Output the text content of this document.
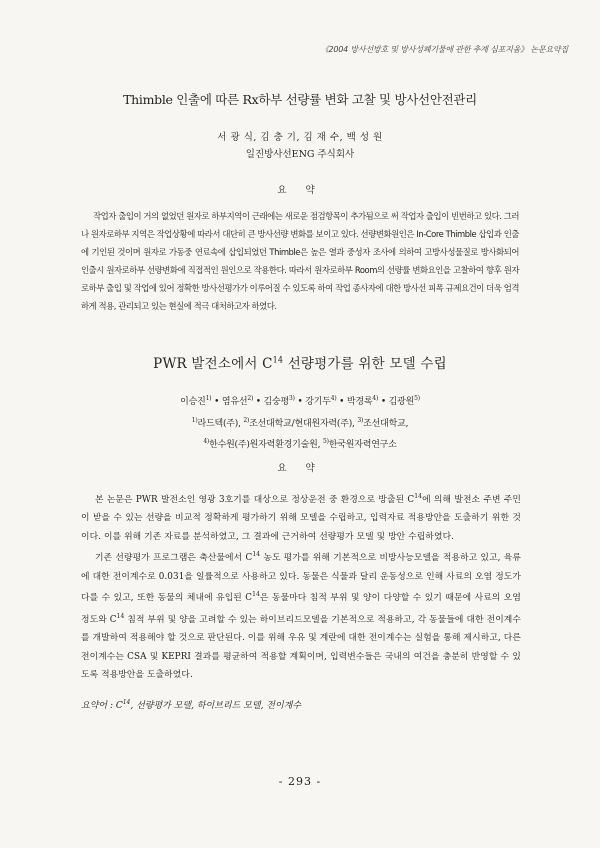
《2004 방사선방호 및 방사성폐기물에 관한 추계 심포지움》 논문요약집
Thimble 인출에 따른 Rx하부 선량률 변화 고찰 및 방사선안전관리
서 광 식, 김 충 기, 김 재 수, 백 성 원
일진방사선ENG 주식회사
요 약

작업자 출입이 거의 없었던 원자로 하부지역이 근래에는 새로운 점검항목이 추가됨으로 써 작업자 출입이 빈번하고 있다. 그러나 원자로하부 지역은 작업상황에 따라서 대단히 큰 방사선량 변화를 보이고 있다. 선량변화원인은 In-Core Thimble 삽입과 인출에 기인된 것이며 원자로 가동중 연료속에 삽입되었던 Thimble은 높은 열과 중성자 조사에 의하여 고방사성물질로 방사화되어 인출시 원자로하부 선량변화에 직접적인 원인으로 작용한다. 따라서 원자로하부 Room의 선량률 변화요인을 고찰하여 향후 원자로하부 출입 및 작업에 있어 정확한 방사선평가가 이루어질 수 있도록 하여 작업 종사자에 대한 방사선 피폭 규제요건이 더욱 엄격하게 적용, 관리되고 있는 현실에 적극 대처하고자 하였다.

PWR 발전소에서 $C^{14}$ 선량평가를 위한 모델 수립
이승진$^{1)}$ • 염유선$^{2)}$ • 김숭평$^{3)}$ • 강기두$^{4)}$ • 박경록$^{4)}$ • 김광원$^{5)}$
$^{1)}$라드텍(주), $^{2)}$조선대학교/현대원자력(주), $^{3)}$조선대학교,
$^{4)}$한수원(주)원자력환경기술원, $^{5)}$한국원자력연구소
요 약

본 논문은 PWR 발전소인 영광 3호기를 대상으로 정상운전 중 환경으로 방출된 $C^{14}$에 의해 발전소 주변 주민이 받을 수 있는 선량을 비교적 정확하게 평가하기 위해 모델을 수립하고, 입력자료 적용방안을 도출하기 위한 것이다. 이를 위해 기존 자료를 분석하였고, 그 결과에 근거하여 선량평가 모델 및 방안 수립하였다.

기존 선량평가 프로그램은 축산물에서 $C^{14}$ 농도 평가를 위해 기본적으로 비방사능모델을 적용하고 있고, 육류에 대한 전이계수로 0.031을 일률적으로 사용하고 있다. 동물은 식물과 달리 운동성으로 인해 사료의 오염 정도가 다를 수 있고, 또한 동물의 체내에 유입된 $C^{14}$은 동물마다 침적 부위 및 양이 다양할 수 있기 때문에 사료의 오염 정도와 $C^{14}$ 침적 부위 및 양을 고려할 수 있는 하이브리드모델을 기본적으로 적용하고, 각 동물들에 대한 전이계수를 개발하여 적용해야 할 것으로 판단된다. 이를 위해 우유 및 계란에 대한 전이계수는 실험을 통해 제시하고, 다른 전이계수는 CSA 및 KEPRI 결과를 평균하여 적용할 계획이며, 입력변수들은 국내의 여건을 충분히 반영할 수 있도록 적용방안을 도출하였다.

요약어 : $C^{14}$, 선량평가 모델, 하이브리드 모델, 전이계수
- 293 -
